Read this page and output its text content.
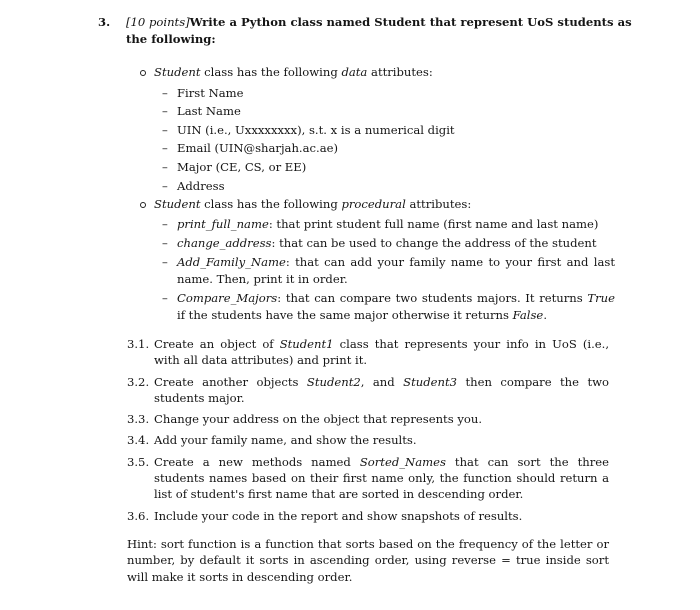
3.	[10 points]Write a Python class named Student that represent UoS students as the following:
Student class has the following data attributes:
– First Name
– Last Name
– UIN (i.e., Uxxxxxxxx), s.t. x is a numerical digit
– Email (UIN@sharjah.ac.ae)
– Major (CE, CS, or EE)
– Address
Student class has the following procedural attributes:
– print_full_name: that print student full name (first name and last name)
– change_address: that can be used to change the address of the student
– Add_Family_Name: that can add your family name to your first and last name. Then, print it in order.
– Compare_Majors: that can compare two students majors. It returns True if the students have the same major otherwise it returns False.
3.1. Create an object of Student1 class that represents your info in UoS (i.e., with all data attributes) and print it.
3.2. Create another objects Student2, and Student3 then compare the two students major.
3.3. Change your address on the object that represents you.
3.4. Add your family name, and show the results.
3.5. Create a new methods named Sorted_Names that can sort the three students names based on their first name only, the function should return a list of student's first name that are sorted in descending order.
3.6. Include your code in the report and show snapshots of results.
Hint: sort function is a function that sorts based on the frequency of the letter or number, by default it sorts in ascending order, using reverse = true inside sort will make it sorts in descending order.
